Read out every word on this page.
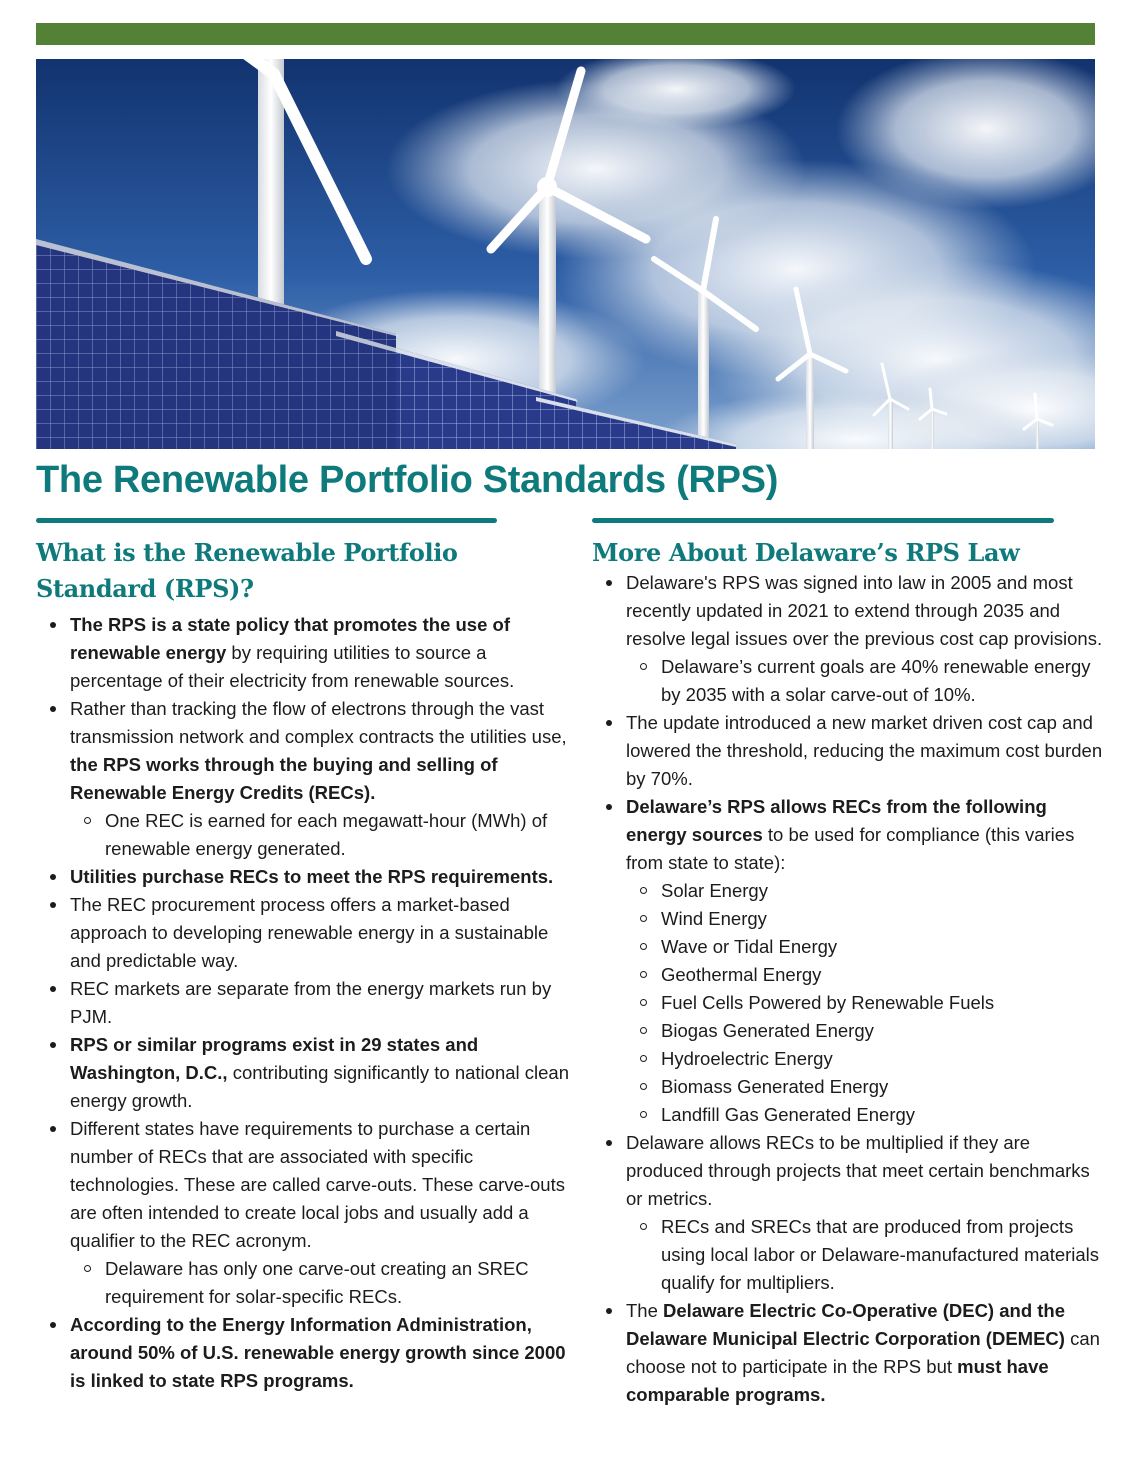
The Renewable Portfolio Standards (RPS)
What is the Renewable Portfolio
Standard (RPS)?
The RPS is a state policy that promotes the use of renewable energy by requiring utilities to source a percentage of their electricity from renewable sources.
Rather than tracking the flow of electrons through the vast transmission network and complex contracts the utilities use, the RPS works through the buying and selling of Renewable Energy Credits (RECs).
One REC is earned for each megawatt-hour (MWh) of renewable energy generated.
Utilities purchase RECs to meet the RPS requirements.
The REC procurement process offers a market-based approach to developing renewable energy in a sustainable and predictable way.
REC markets are separate from the energy markets run by PJM.
RPS or similar programs exist in 29 states and Washington, D.C., contributing significantly to national clean energy growth.
Different states have requirements to purchase a certain number of RECs that are associated with specific technologies. These are called carve-outs. These carve-outs are often intended to create local jobs and usually add a qualifier to the REC acronym.
Delaware has only one carve-out creating an SREC requirement for solar-specific RECs.
According to the Energy Information Administration, around 50% of U.S. renewable energy growth since 2000 is linked to state RPS programs.
More About Delaware’s RPS Law
Delaware's RPS was signed into law in 2005 and most recently updated in 2021 to extend through 2035 and resolve legal issues over the previous cost cap provisions.
Delaware’s current goals are 40% renewable energy by 2035 with a solar carve-out of 10%.
The update introduced a new market driven cost cap and lowered the threshold, reducing the maximum cost burden by 70%.
Delaware’s RPS allows RECs from the following energy sources to be used for compliance (this varies from state to state):
Solar Energy
Wind Energy
Wave or Tidal Energy
Geothermal Energy
Fuel Cells Powered by Renewable Fuels
Biogas Generated Energy
Hydroelectric Energy
Biomass Generated Energy
Landfill Gas Generated Energy
Delaware allows RECs to be multiplied if they are produced through projects that meet certain benchmarks or metrics.
RECs and SRECs that are produced from projects using local labor or Delaware-manufactured materials qualify for multipliers.
The Delaware Electric Co-Operative (DEC) and the Delaware Municipal Electric Corporation (DEMEC) can choose not to participate in the RPS but must have comparable programs.
